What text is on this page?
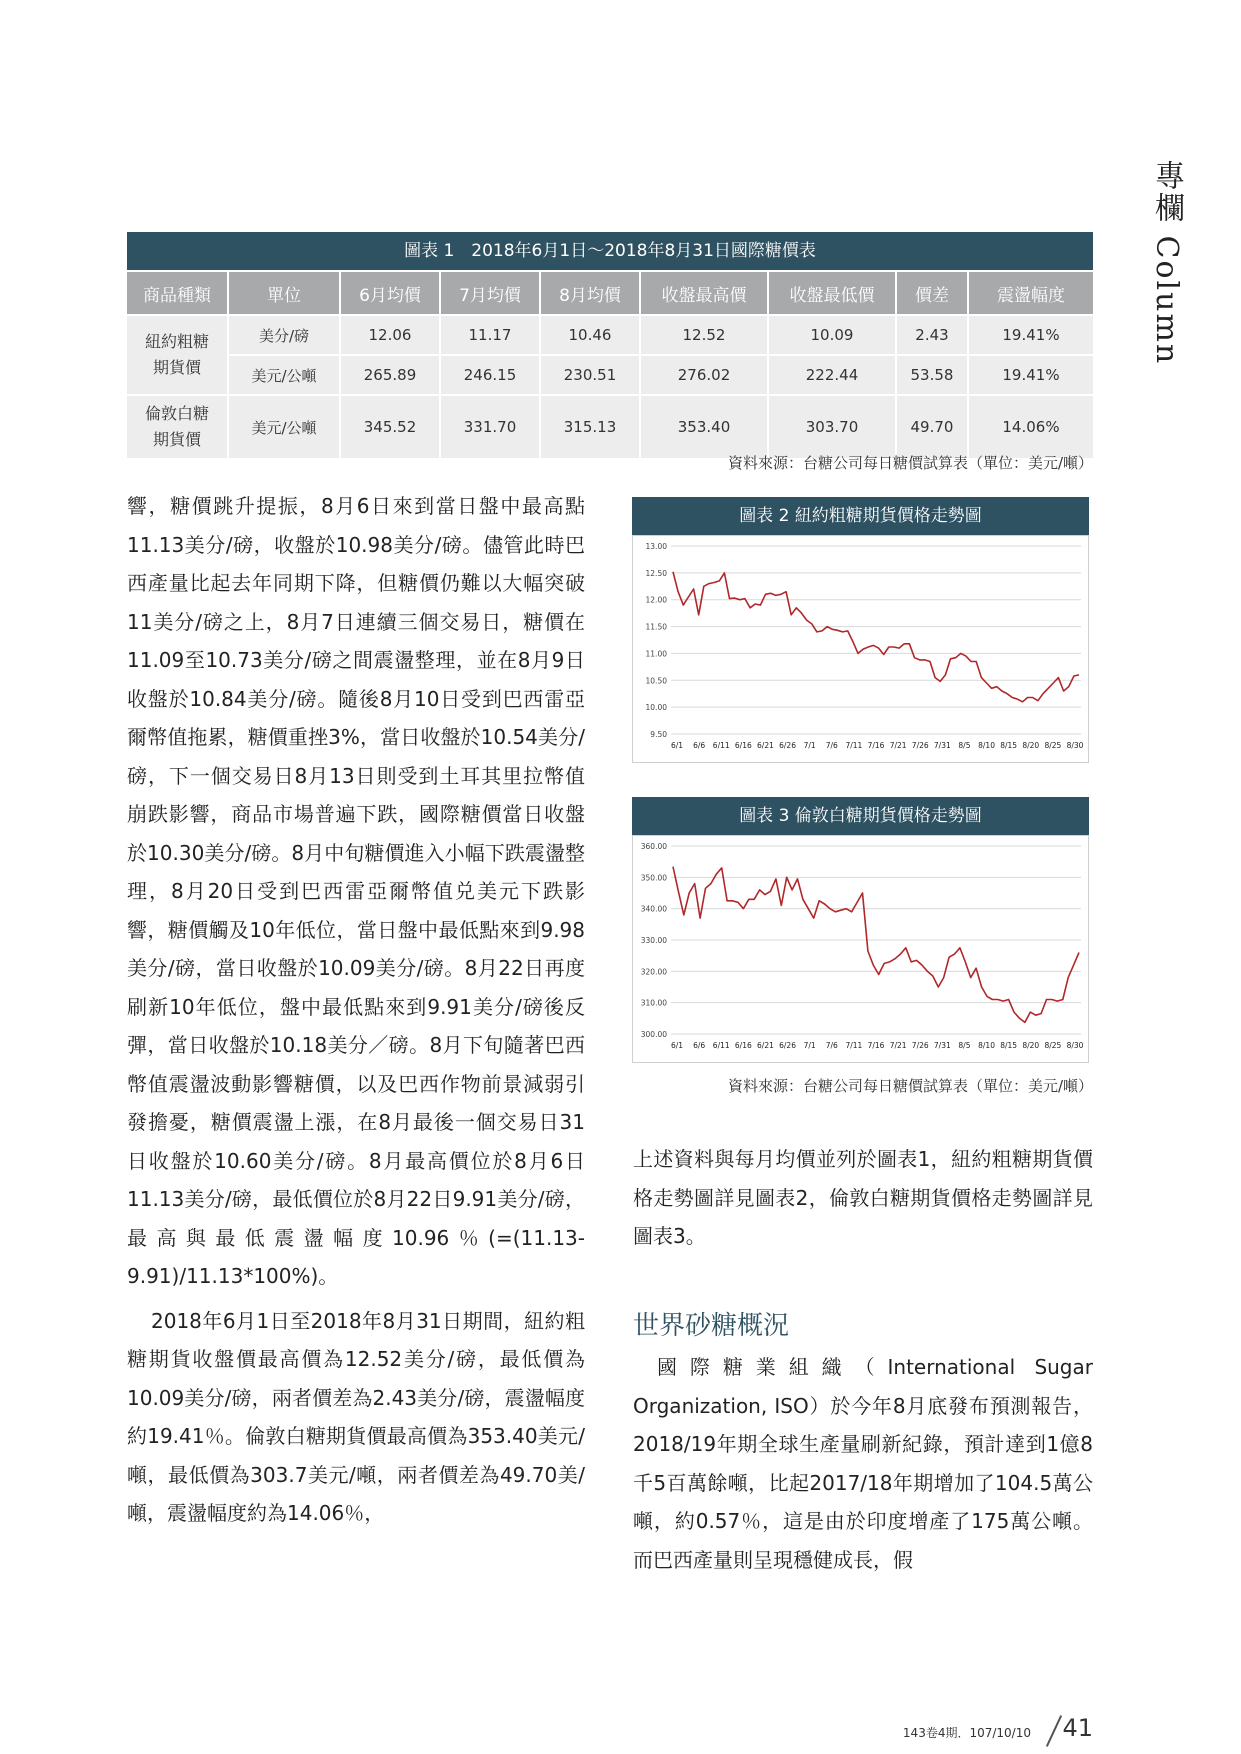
專欄 Column
圖表 1　2018年6月1日～2018年8月31日國際糖價表
商品種類	單位	6月均價	7月均價	8月均價	收盤最高價	收盤最低價	價差	震盪幅度
紐約粗糖
期貨價	美分/磅	12.06	11.17	10.46	12.52	10.09	2.43	19.41%
	美元/公噸	265.89	246.15	230.51	276.02	222.44	53.58	19.41%
倫敦白糖
期貨價	美元/公噸	345.52	331.70	315.13	353.40	303.70	49.70	14.06%
資料來源：台糖公司每日糖價試算表（單位：美元/噸）

響，糖價跳升提振，8月6日來到當日盤中最高點11.13美分/磅，收盤於10.98美分/磅。儘管此時巴西產量比起去年同期下降，但糖價仍難以大幅突破11美分/磅之上，8月7日連續三個交易日，糖價在11.09至10.73美分/磅之間震盪整理，並在8月9日收盤於10.84美分/磅。隨後8月10日受到巴西雷亞爾幣值拖累，糖價重挫3%，當日收盤於10.54美分/磅，下一個交易日8月13日則受到土耳其里拉幣值崩跌影響，商品市場普遍下跌，國際糖價當日收盤於10.30美分/磅。8月中旬糖價進入小幅下跌震盪整理，8月20日受到巴西雷亞爾幣值兑美元下跌影響，糖價觸及10年低位，當日盤中最低點來到9.98美分/磅，當日收盤於10.09美分/磅。8月22日再度刷新10年低位，盤中最低點來到9.91美分/磅後反彈，當日收盤於10.18美分／磅。8月下旬隨著巴西幣值震盪波動影響糖價，以及巴西作物前景減弱引發擔憂，糖價震盪上漲，在8月最後一個交易日31日收盤於10.60美分/磅。8月最高價位於8月6日11.13美分/磅，最低價位於8月22日9.91美分/磅，最高與最低震盪幅度10.96％(=(11.13-9.91)/11.13*100%)。

2018年6月1日至2018年8月31日期間，紐約粗糖期貨收盤價最高價為12.52美分/磅，最低價為10.09美分/磅，兩者價差為2.43美分/磅，震盪幅度約19.41％。倫敦白糖期貨價最高價為353.40美元/噸，最低價為303.7美元/噸，兩者價差為49.70美/噸，震盪幅度約為14.06％，

圖表 2 紐約粗糖期貨價格走勢圖
9.50
10.00
10.50
11.00
11.50
12.00
12.50
13.00
6/1 6/6 6/11 6/16 6/21 6/26 7/1 7/6 7/11 7/16 7/21 7/26 7/31 8/5 8/10 8/15 8/20 8/25 8/30
圖表 3 倫敦白糖期貨價格走勢圖
300.00
310.00
320.00
330.00
340.00
350.00
360.00
6/1 6/6 6/11 6/16 6/21 6/26 7/1 7/6 7/11 7/16 7/21 7/26 7/31 8/5 8/10 8/15 8/20 8/25 8/30
資料來源：台糖公司每日糖價試算表（單位：美元/噸）

上述資料與每月均價並列於圖表1，紐約粗糖期貨價格走勢圖詳見圖表2，倫敦白糖期貨價格走勢圖詳見圖表3。

世界砂糖概況

國際糖業組織（International Sugar Organization, ISO）於今年8月底發布預測報告，2018/19年期全球生產量刷新紀錄，預計達到1億8千5百萬餘噸，比起2017/18年期增加了104.5萬公噸，約0.57％，這是由於印度增產了175萬公噸。而巴西產量則呈現穩健成長，假

143卷4期．107/10/10 41
